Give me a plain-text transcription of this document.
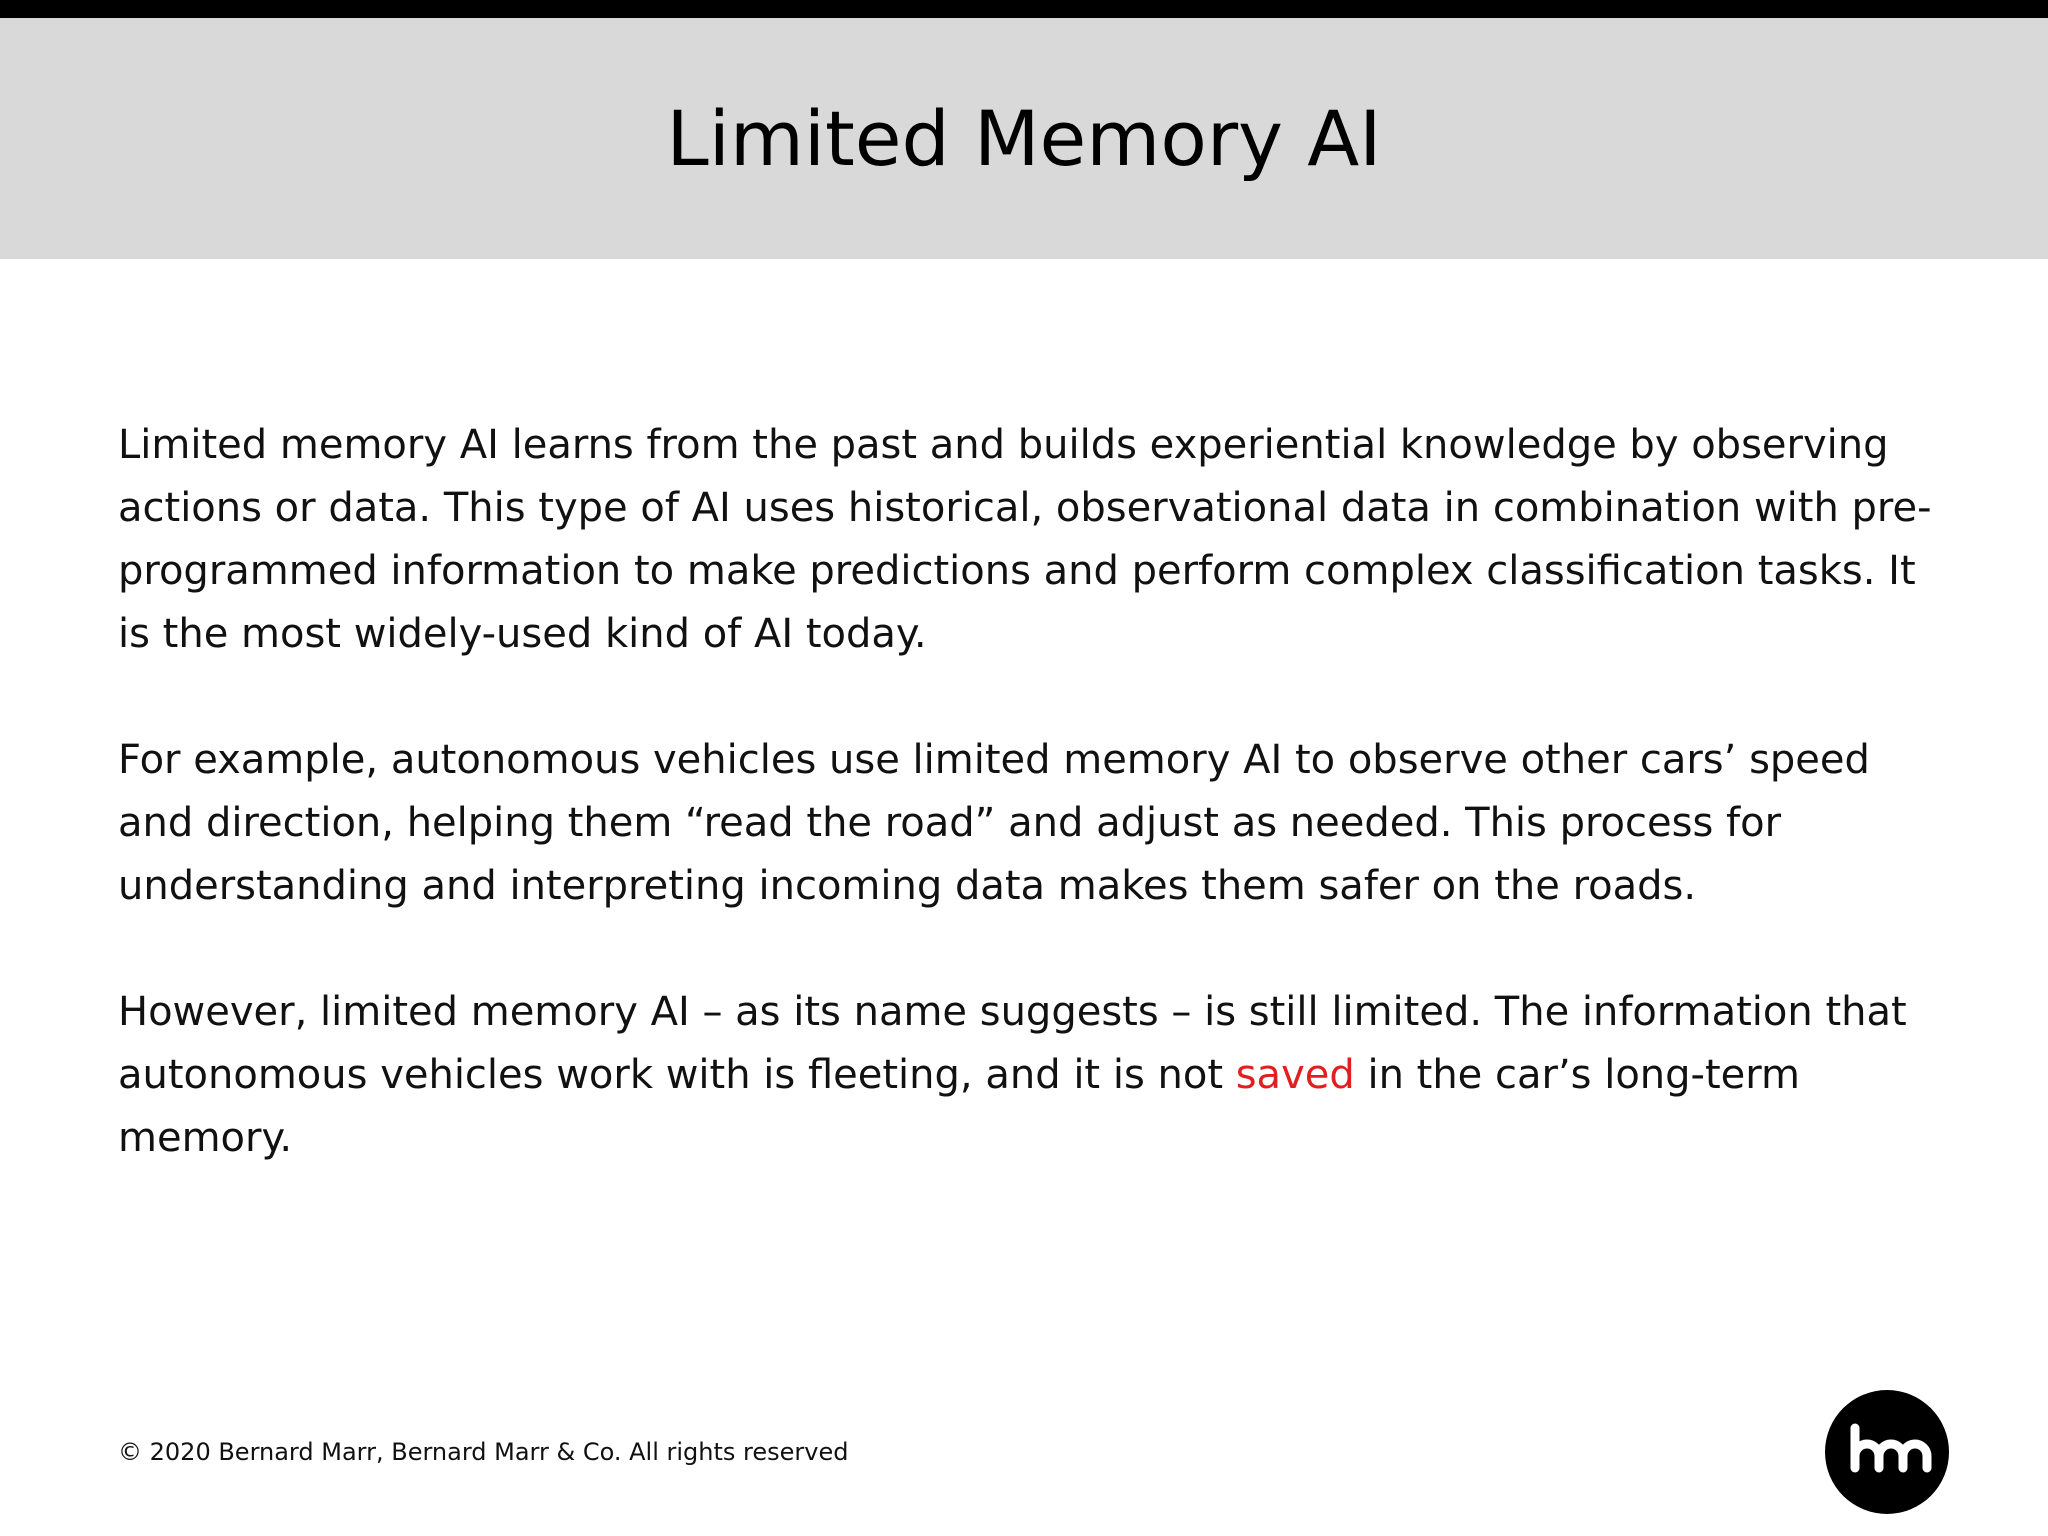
Limited Memory AI

Limited memory AI learns from the past and builds experiential knowledge by observing actions or data. This type of AI uses historical, observational data in combination with pre-programmed information to make predictions and perform complex classification tasks. It is the most widely-used kind of AI today.

For example, autonomous vehicles use limited memory AI to observe other cars’ speed and direction, helping them “read the road” and adjust as needed. This process for understanding and interpreting incoming data makes them safer on the roads.

However, limited memory AI – as its name suggests – is still limited. The information that autonomous vehicles work with is fleeting, and it is not saved in the car’s long-term memory.

© 2020 Bernard Marr, Bernard Marr & Co. All rights reserved
bm
